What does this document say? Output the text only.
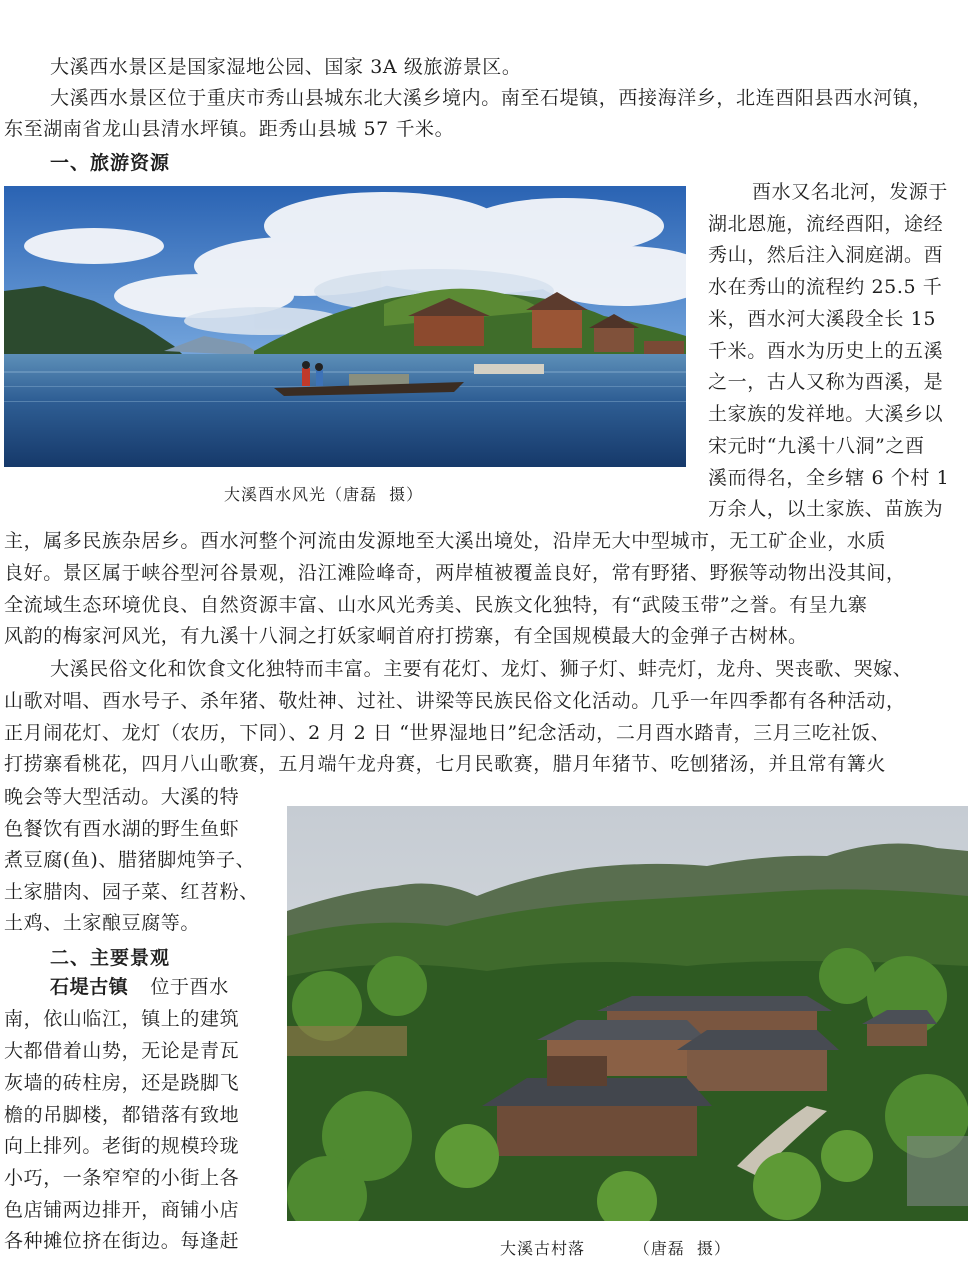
大溪西水景区是国家湿地公园、国家 3A 级旅游景区。

大溪西水景区位于重庆市秀山县城东北大溪乡境内。南至石堤镇，西接海洋乡，北连酉阳县西水河镇，

东至湖南省龙山县清水坪镇。距秀山县城 57 千米。

一、旅游资源
大溪酉水风光（唐磊  摄）

酉水又名北河，发源于

湖北恩施，流经酉阳，途经

秀山，然后注入洞庭湖。酉

水在秀山的流程约 25.5 千

米，酉水河大溪段全长 15

千米。酉水为历史上的五溪

之一，古人又称为酉溪，是

土家族的发祥地。大溪乡以

宋元时“九溪十八洞”之酉

溪而得名，全乡辖 6 个村 1

万余人，以土家族、苗族为

主，属多民族杂居乡。酉水河整个河流由发源地至大溪出境处，沿岸无大中型城市，无工矿企业，水质

良好。景区属于峡谷型河谷景观，沿江滩险峰奇，两岸植被覆盖良好，常有野猪、野猴等动物出没其间，

全流域生态环境优良、自然资源丰富、山水风光秀美、民族文化独特，有“武陵玉带”之誉。有呈九寨

风韵的梅家河风光，有九溪十八洞之打妖家峒首府打捞寨，有全国规模最大的金弹子古树林。

大溪民俗文化和饮食文化独特而丰富。主要有花灯、龙灯、狮子灯、蚌壳灯，龙舟、哭丧歌、哭嫁、

山歌对唱、酉水号子、杀年猪、敬灶神、过社、讲梁等民族民俗文化活动。几乎一年四季都有各种活动，

正月闹花灯、龙灯（农历，下同）、2 月 2 日 “世界湿地日”纪念活动，二月酉水踏青，三月三吃社饭、

打捞寨看桃花，四月八山歌赛，五月端午龙舟赛，七月民歌赛，腊月年猪节、吃刨猪汤，并且常有篝火

晚会等大型活动。大溪的特

色餐饮有酉水湖的野生鱼虾

煮豆腐(鱼)、腊猪脚炖笋子、

土家腊肉、园子菜、红苕粉、

土鸡、土家酿豆腐等。

二、主要景观

石堤古镇 位于酉水

南，依山临江，镇上的建筑

大都借着山势，无论是青瓦

灰墙的砖柱房，还是跷脚飞

檐的吊脚楼，都错落有致地

向上排列。老街的规模玲珑

小巧，一条窄窄的小街上各

色店铺两边排开，商铺小店

各种摊位挤在街边。每逢赶	大溪古村落        （唐磊  摄）
